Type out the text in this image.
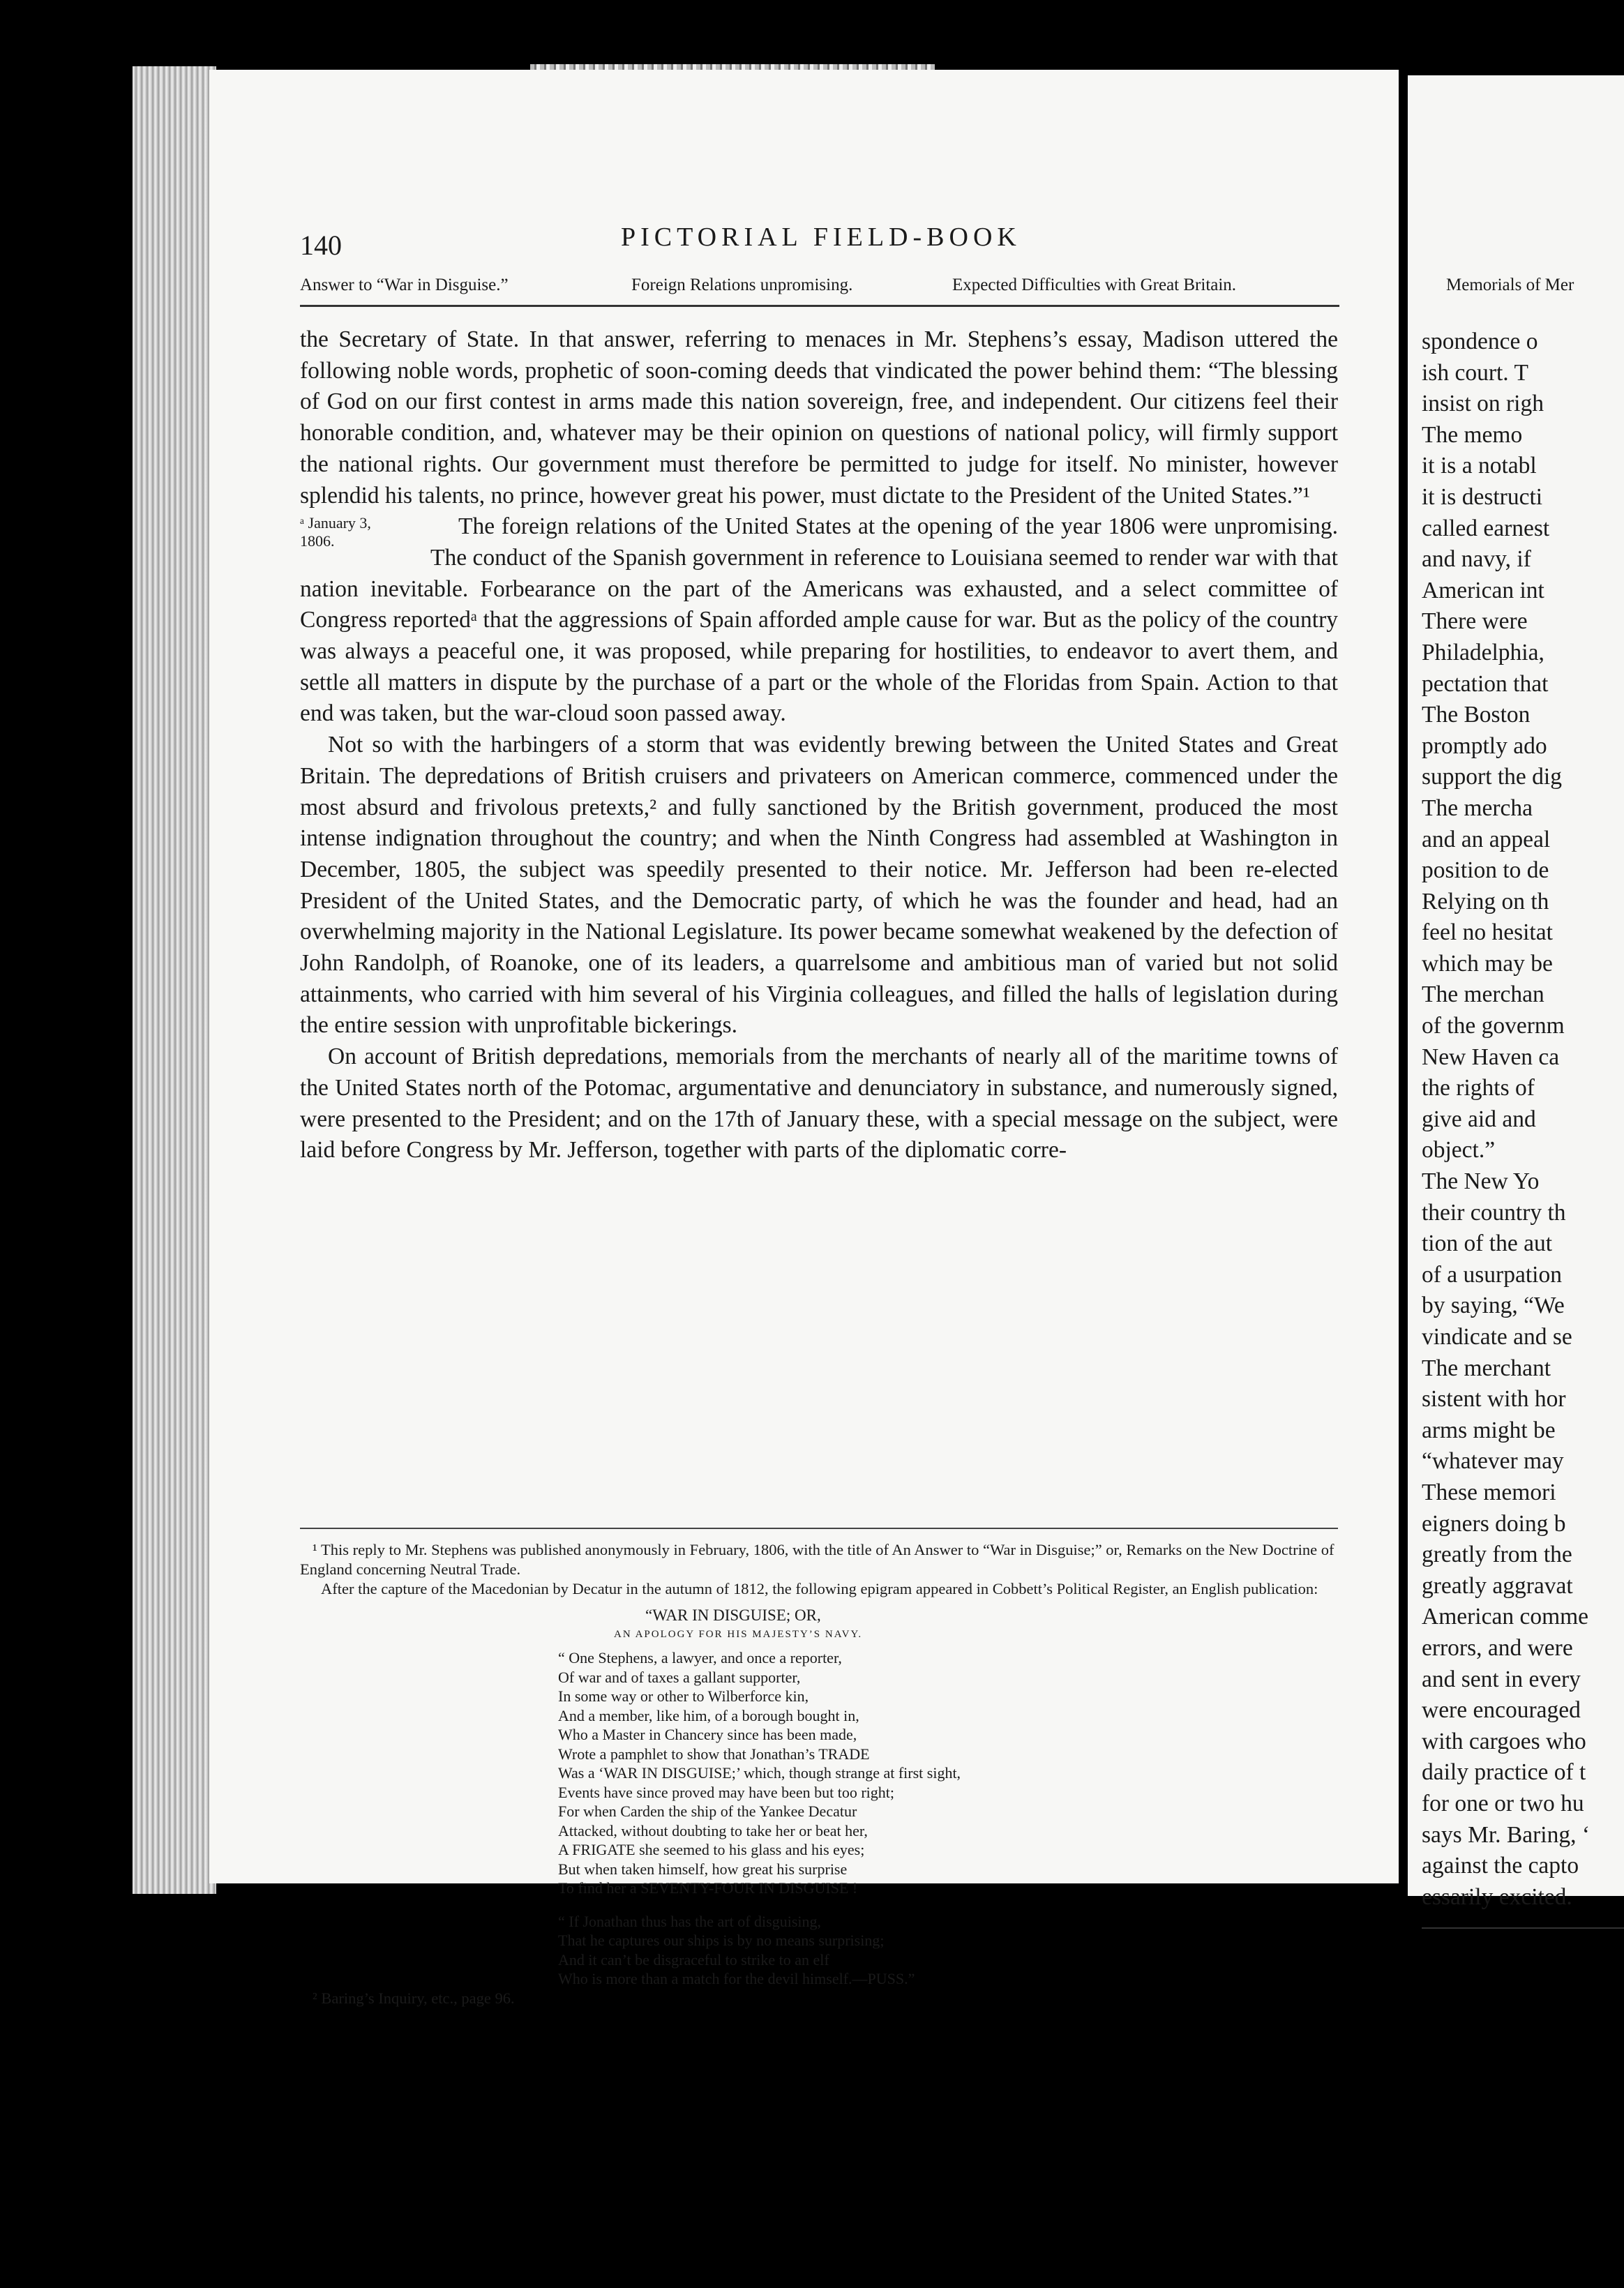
140	PICTORIAL FIELD-BOOK
Answer to “War in Disguise.”	Foreign Relations unpromising.	Expected Difficulties with Great Britain.

the Secretary of State. In that answer, referring to menaces in Mr. Stephens’s essay, Madison uttered the following noble words, prophetic of soon-coming deeds that vindicated the power behind them: “The blessing of God on our first contest in arms made this nation sovereign, free, and independent. Our citizens feel their honorable condition, and, whatever may be their opinion on questions of national policy, will firmly support the national rights. Our government must therefore be permitted to judge for itself. No minister, however splendid his talents, no prince, however great his power, must dictate to the President of the United States.”¹

ᵃ January 3,
1806.
The foreign relations of the United States at the opening of the year 1806 were unpromising. The conduct of the Spanish government in reference to Louisiana seemed to render war with that nation inevitable. Forbearance on the part of the Americans was exhausted, and a select committee of Congress reportedᵃ that the aggressions of Spain afforded ample cause for war. But as the policy of the country was always a peaceful one, it was proposed, while preparing for hostilities, to endeavor to avert them, and settle all matters in dispute by the purchase of a part or the whole of the Floridas from Spain. Action to that end was taken, but the war-cloud soon passed away.

Not so with the harbingers of a storm that was evidently brewing between the United States and Great Britain. The depredations of British cruisers and privateers on American commerce, commenced under the most absurd and frivolous pretexts,² and fully sanctioned by the British government, produced the most intense indignation throughout the country; and when the Ninth Congress had assembled at Washington in December, 1805, the subject was speedily presented to their notice. Mr. Jefferson had been re-elected President of the United States, and the Democratic party, of which he was the founder and head, had an overwhelming majority in the National Legislature. Its power became somewhat weakened by the defection of John Randolph, of Roanoke, one of its leaders, a quarrelsome and ambitious man of varied but not solid attainments, who carried with him several of his Virginia colleagues, and filled the halls of legislation during the entire session with unprofitable bickerings.

On account of British depredations, memorials from the merchants of nearly all of the maritime towns of the United States north of the Potomac, argumentative and denunciatory in substance, and numerously signed, were presented to the President; and on the 17th of January these, with a special message on the subject, were laid before Congress by Mr. Jefferson, together with parts of the diplomatic corre-

¹ This reply to Mr. Stephens was published anonymously in February, 1806, with the title of An Answer to “War in Disguise;” or, Remarks on the New Doctrine of England concerning Neutral Trade.

After the capture of the Macedonian by Decatur in the autumn of 1812, the following epigram appeared in Cobbett’s Political Register, an English publication:

“WAR IN DISGUISE; OR,
AN APOLOGY FOR HIS MAJESTY’S NAVY.
“ One Stephens, a lawyer, and once a reporter,
Of war and of taxes a gallant supporter,
In some way or other to Wilberforce kin,
And a member, like him, of a borough bought in,
Who a Master in Chancery since has been made,
Wrote a pamphlet to show that Jonathan’s TRADE
Was a ‘WAR IN DISGUISE;’ which, though strange at first sight,
Events have since proved may have been but too right;
For when Carden the ship of the Yankee Decatur
Attacked, without doubting to take her or beat her,
A FRIGATE she seemed to his glass and his eyes;
But when taken himself, how great his surprise
To find her a SEVENTY-FOUR IN DISGUISE !
“ If Jonathan thus has the art of disguising,
That he captures our ships is by no means surprising;
And it can’t be disgraceful to strike to an elf
Who is more than a match for the devil himself.—PUSS.”

² Baring’s Inquiry, etc., page 96.

Memorials of Mer
spondence o
ish court. T
insist on righ
The memo
it is a notabl
it is destructi
called earnest
and navy, if
American int
There were
Philadelphia,
pectation that
The Boston
promptly ado
support the dig
The mercha
and an appeal
position to de
Relying on th
feel no hesitat
which may be
The merchan
of the governm
New Haven ca
the rights of
give aid and
object.”
The New Yo
their country th
tion of the aut
of a usurpation
by saying, “We
vindicate and se
The merchant
sistent with hor
arms might be
“whatever may
These memori
eigners doing b
greatly from the
greatly aggravat
American comme
errors, and were
and sent in every
were encouraged
with cargoes who
daily practice of t
for one or two hu
says Mr. Baring, ‘
against the capto
essarily excited.
